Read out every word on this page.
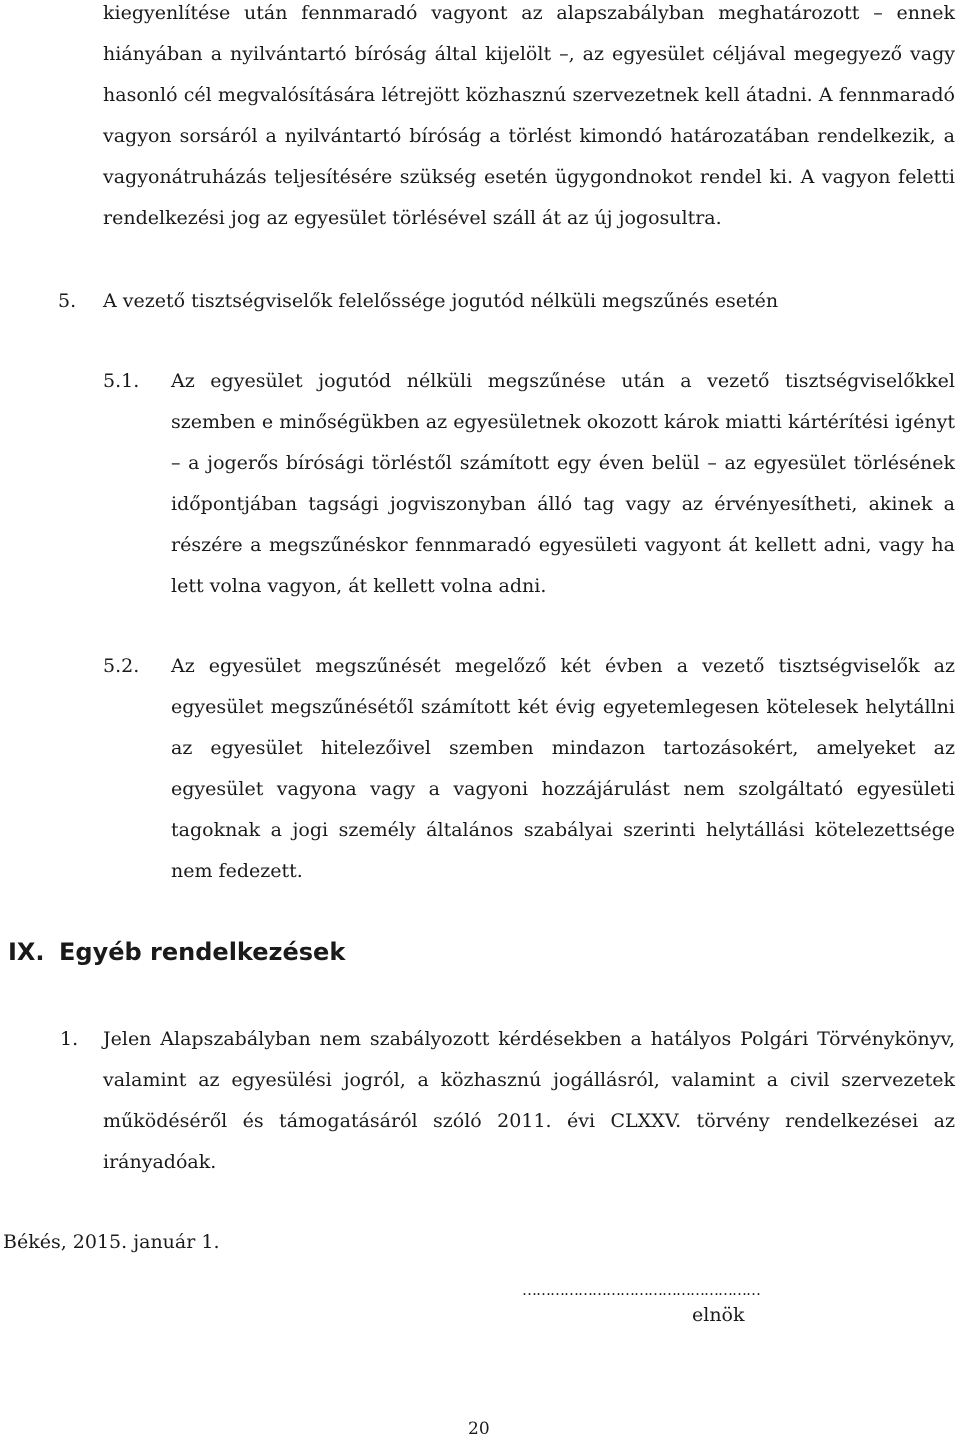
kiegyenlítése után fennmaradó vagyont az alapszabályban meghatározott – ennek
hiányában a nyilvántartó bíróság által kijelölt –, az egyesület céljával megegyező vagy
hasonló cél megvalósítására létrejött közhasznú szervezetnek kell átadni. A fennmaradó
vagyon sorsáról a nyilvántartó bíróság a törlést kimondó határozatában rendelkezik, a
vagyonátruházás teljesítésére szükség esetén ügygondnokot rendel ki. A vagyon feletti
rendelkezési jog az egyesület törlésével száll át az új jogosultra.
5. A vezető tisztségviselők felelőssége jogutód nélküli megszűnés esetén
5.1. Az egyesület jogutód nélküli megszűnése után a vezető tisztségviselőkkel
szemben e minőségükben az egyesületnek okozott károk miatti kártérítési igényt
– a jogerős bírósági törléstől számított egy éven belül – az egyesület törlésének
időpontjában tagsági jogviszonyban álló tag vagy az érvényesítheti, akinek a
részére a megszűnéskor fennmaradó egyesületi vagyont át kellett adni, vagy ha
lett volna vagyon, át kellett volna adni.
5.2. Az egyesület megszűnését megelőző két évben a vezető tisztségviselők az
egyesület megszűnésétől számított két évig egyetemlegesen kötelesek helytállni
az egyesület hitelezőivel szemben mindazon tartozásokért, amelyeket az
egyesület vagyona vagy a vagyoni hozzájárulást nem szolgáltató egyesületi
tagoknak a jogi személy általános szabályai szerinti helytállási kötelezettsége
nem fedezett.
IX. Egyéb rendelkezések
1. Jelen Alapszabályban nem szabályozott kérdésekben a hatályos Polgári Törvénykönyv,
valamint az egyesülési jogról, a közhasznú jogállásról, valamint a civil szervezetek
működéséről és támogatásáról szóló 2011. évi CLXXV. törvény rendelkezései az
irányadóak.
Békés, 2015. január 1.
……………………………………………
elnök
20
